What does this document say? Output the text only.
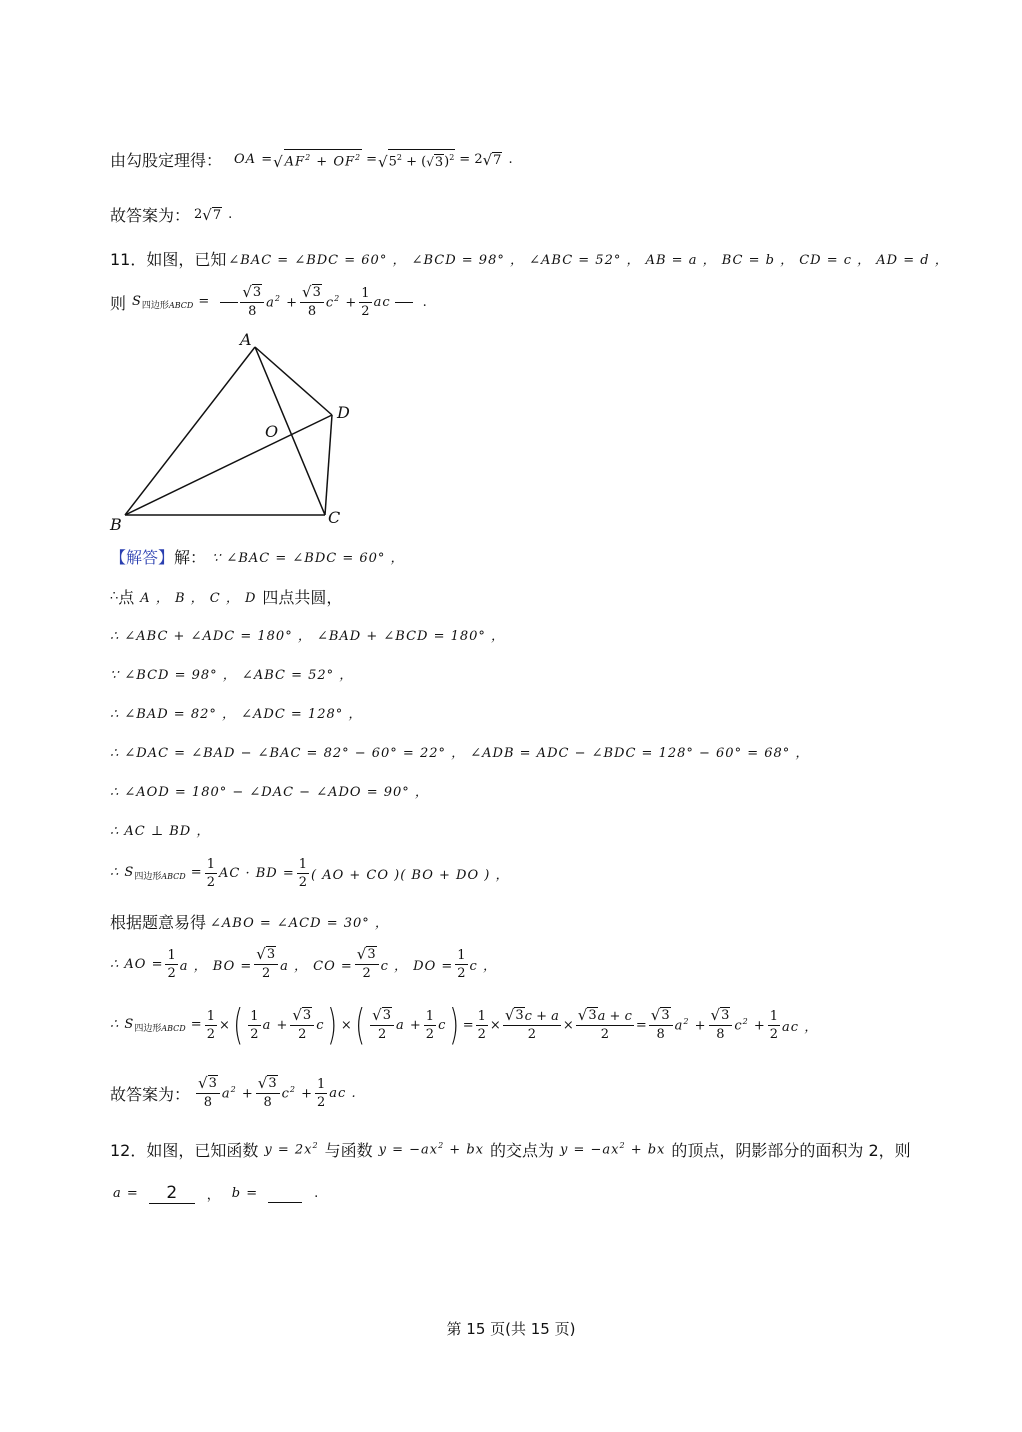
由勾股定理得： OA = √ $AF^2 + OF^2$ = √ $5^2$ + ( √ 3 )$^2$ = 2 √ 7 .
故答案为： 2 √ 7 .
11．如图，已知 ∠BAC = ∠BDC = 60° ， ∠BCD = 98° ， ∠ABC = 52° ， AB = a ， BC = b ， CD = c ， AD = d ，
则 $S_{四边形ABCD} = \frac{√ 3}{8} a^2 + \frac{√ 3}{8} c^2 + \frac{1}{2}$ ac .
A
B	C
D
O
【解答】 解： ∵ ∠BAC = ∠BDC = 60° ，
∴ 点 A ， B ， C ， D 四点共圆，
∴ ∠ABC + ∠ADC = 180° ， ∠BAD + ∠BCD = 180° ，
∵ ∠BCD = 98° ， ∠ABC = 52° ，
∴ ∠BAD = 82° ， ∠ADC = 128° ，
∴ ∠DAC = ∠BAD − ∠BAC = 82° − 60° = 22° ， ∠ADB = ADC − ∠BDC = 128° − 60° = 68° ，
∴ ∠AOD = 180° − ∠DAC − ∠ADO = 90° ，
∴ AC ⊥ BD ，
∴ $S_{四边形ABCD} = \frac{1}{2}$ AC · BD = $\frac{1}{2}$ ( AO + CO )( BO + DO ) ，
根据题意易得 ∠ABO = ∠ACD = 30° ，
∴ AO = $\frac{1}{2}$ a ， BO = $\frac{√ 3}{2}$ a ， CO = $\frac{√ 3}{2}$ c ， DO = $\frac{1}{2}$ c ，
∴ $S_{四边形ABCD} = \frac{1}{2}$ × ( $\frac{1}{2}$ $a + \frac{√ 3}{2}$ c ) × ( $\frac{√ 3}{2}$ $a + \frac{1}{2}$ c ) = $\frac{1}{2} \times \frac{√ 3 c + a}{2} \times \frac{√ 3 a + c}{2} = \frac{√ 3}{8} a^2 + \frac{√ 3}{8} c^2 + \frac{1}{2}$ ac ，
故答案为： $\frac{√ 3}{8} a^2 + \frac{√ 3}{8} c^2 + \frac{1}{2}$ ac .
12．如图，已知函数 $y = 2x^2$ 与函数 $y = -ax^2$ + bx 的交点为 $y = -ax^2$ + bx 的顶点，阴影部分的面积为 2，则
a =	2	， b =	.
第 15 页(共 15 页)
